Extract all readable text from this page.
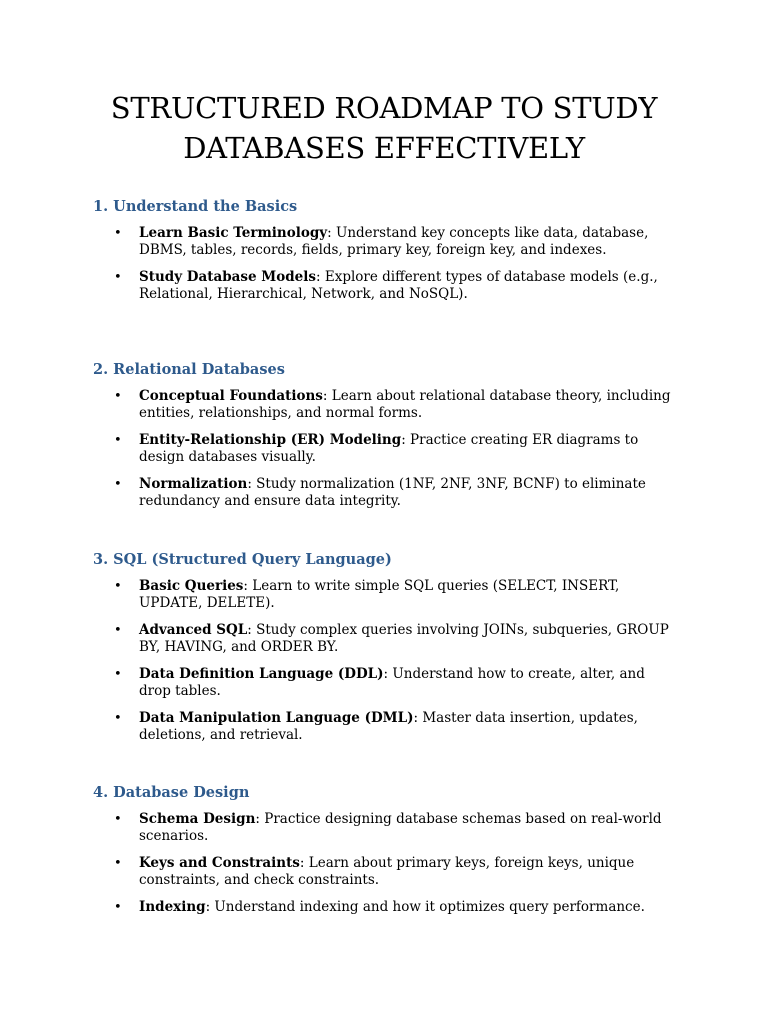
STRUCTURED ROADMAP TO STUDY
DATABASES EFFECTIVELY
1. Understand the Basics
• Learn Basic Terminology: Understand key concepts like data, database, DBMS, tables, records, fields, primary key, foreign key, and indexes.
• Study Database Models: Explore different types of database models (e.g., Relational, Hierarchical, Network, and NoSQL).
2. Relational Databases
• Conceptual Foundations: Learn about relational database theory, including entities, relationships, and normal forms.
• Entity-Relationship (ER) Modeling: Practice creating ER diagrams to design databases visually.
• Normalization: Study normalization (1NF, 2NF, 3NF, BCNF) to eliminate redundancy and ensure data integrity.
3. SQL (Structured Query Language)
• Basic Queries: Learn to write simple SQL queries (SELECT, INSERT, UPDATE, DELETE).
• Advanced SQL: Study complex queries involving JOINs, subqueries, GROUP BY, HAVING, and ORDER BY.
• Data Definition Language (DDL): Understand how to create, alter, and drop tables.
• Data Manipulation Language (DML): Master data insertion, updates, deletions, and retrieval.
4. Database Design
• Schema Design: Practice designing database schemas based on real-world scenarios.
• Keys and Constraints: Learn about primary keys, foreign keys, unique constraints, and check constraints.
• Indexing: Understand indexing and how it optimizes query performance.
